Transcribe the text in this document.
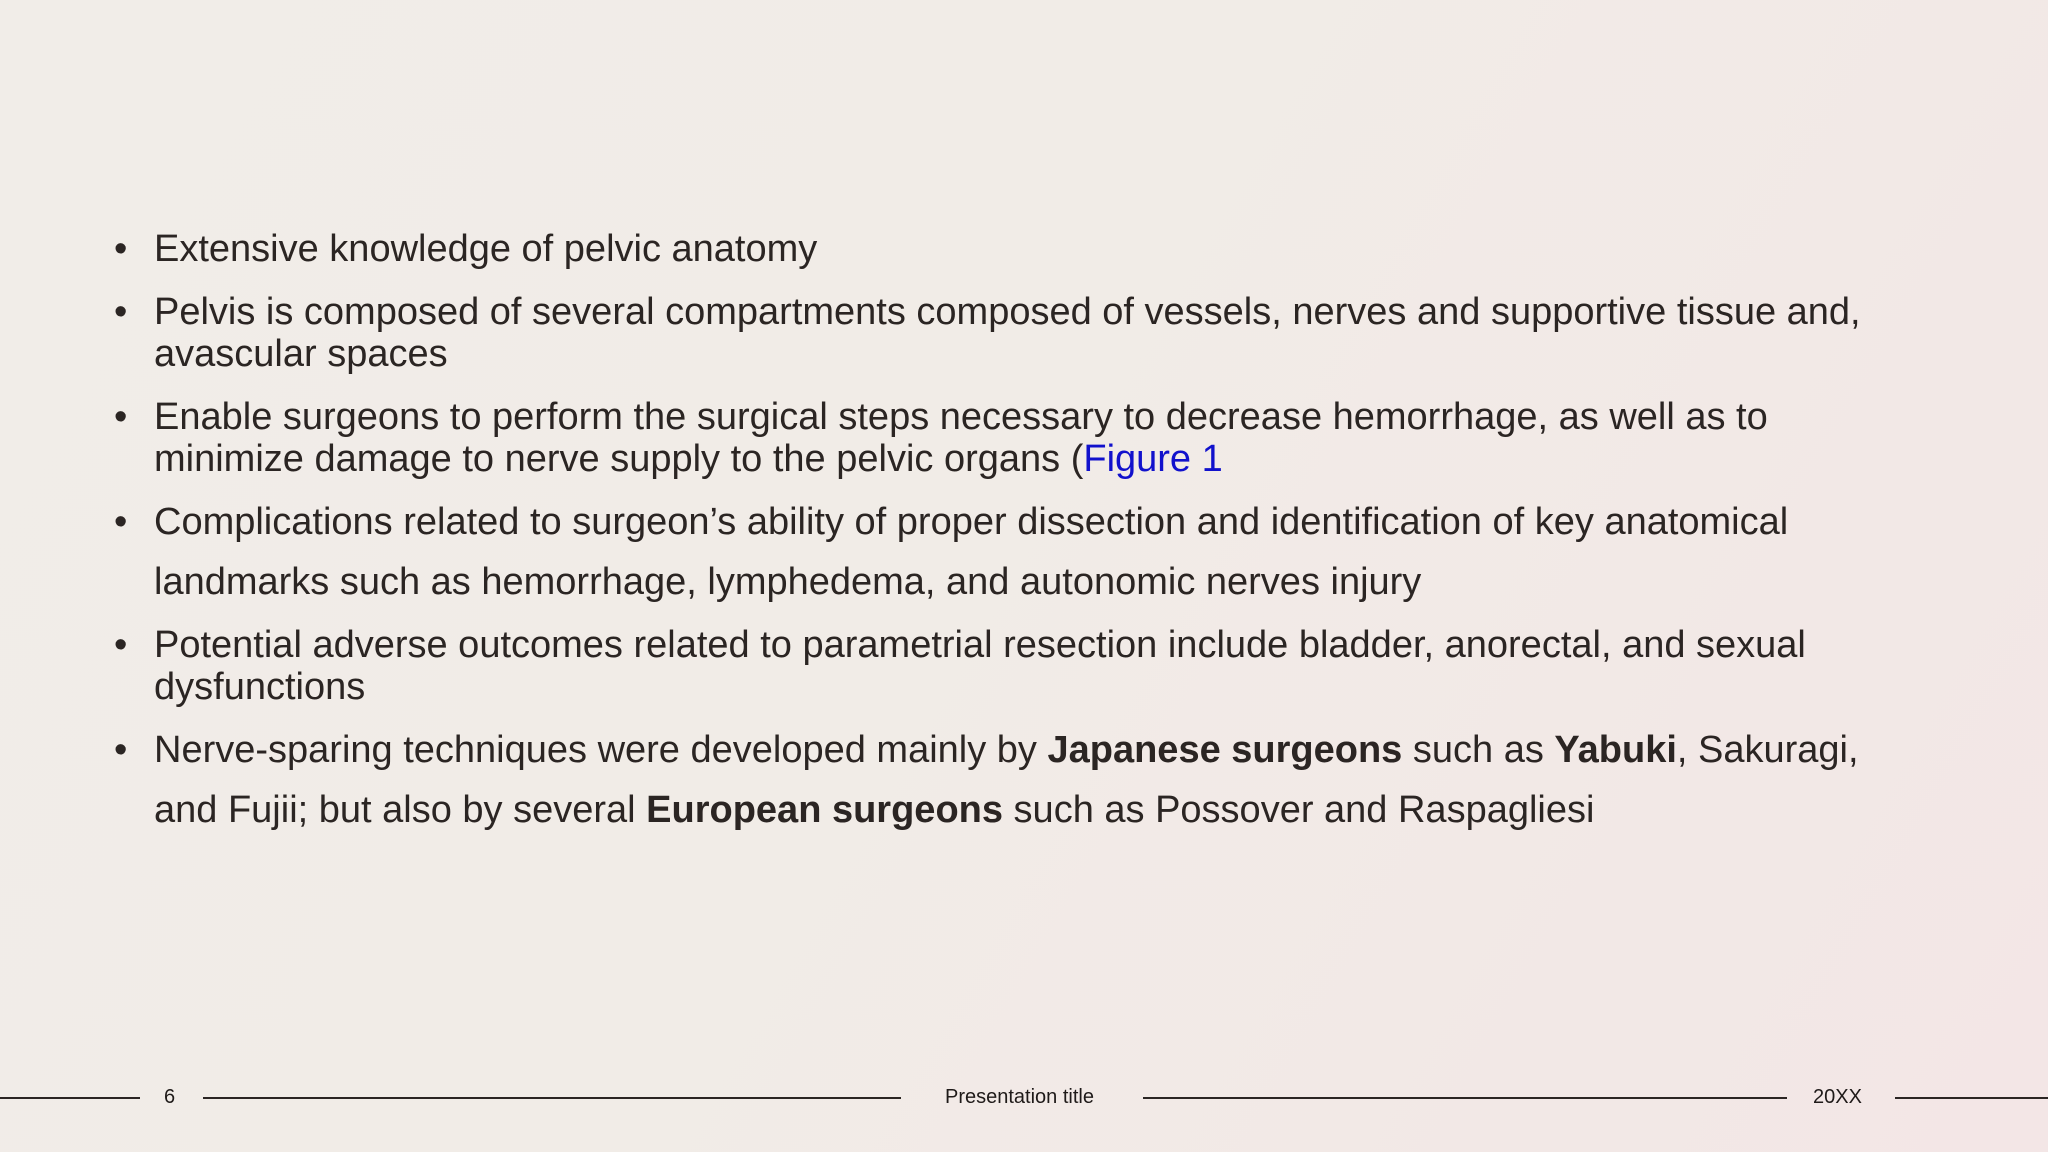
• Extensive knowledge of pelvic anatomy
• Pelvis is composed of several compartments composed of vessels, nerves and supportive tissue and, avascular spaces
• Enable surgeons to perform the surgical steps necessary to decrease hemorrhage, as well as to minimize damage to nerve supply to the pelvic organs (Figure 1
• Complications related to surgeon’s ability of proper dissection and identification of key anatomical landmarks such as hemorrhage, lymphedema, and autonomic nerves injury
• Potential adverse outcomes related to parametrial resection include bladder, anorectal, and sexual dysfunctions
• Nerve-sparing techniques were developed mainly by Japanese surgeons such as Yabuki, Sakuragi, and Fujii; but also by several European surgeons such as Possover and Raspagliesi
6	Presentation title	20XX
